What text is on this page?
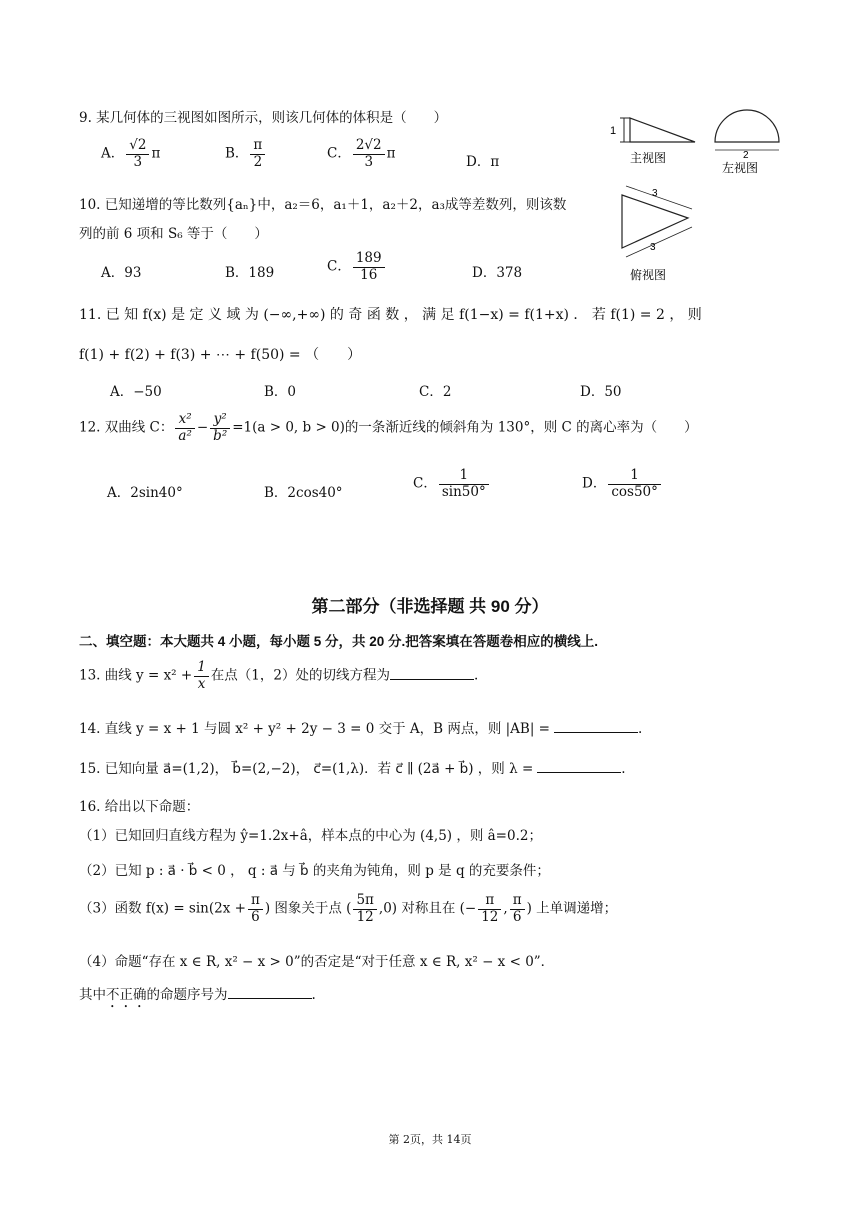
9. 某几何体的三视图如图所示，则该几何体的体积是（　　）
A． $\frac{√2}{3}$ π	B． $\frac{\pi}{2}$	C． $\frac{2√2}{3}$ π
D．π
1
主视图	2
左视图
3
3
俯视图
10. 已知递增的等比数列{aₙ}中，a₂＝6，a₁＋1，a₂＋2，a₃成等差数列，则该数
列的前 6 项和 S₆ 等于（　　）
A．93	B．189	C． $\frac{189}{16}$	D．378
11. 已 知 f(x) 是 定 义 域 为 (−∞,+∞) 的 奇 函 数 ， 满 足 f(1−x) = f(1+x) ． 若 f(1) = 2 ， 则
f(1) + f(2) + f(3) + ⋯ + f(50) = （　　）
A．−50	B．0	C．2	D．50
12. 双曲线 C： $\frac{\text{x²}}{\text{a²}} - \frac{\text{y²}}{\text{b²}} =1(a > 0$, b > 0)的一条渐近线的倾斜角为 130°，则 C 的离心率为（　　）
A．2sin40°	B．2cos40°
C． $\frac{1}{\sin 50^\circ}$	D． $\frac{1}{\cos 50^\circ}$
第二部分（非选择题 共 90 分）
二、填空题：本大题共 4 小题，每小题 5 分，共 20 分.把答案填在答题卷相应的横线上.
13. 曲线 $y = x^2 + \frac{1}{x}$ 在点（1，2）处的切线方程为	.
14. 直线 y = x + 1 与圆 x² + y² + 2y − 3 = 0 交于 A，B 两点，则 |AB| =	.
15. 已知向量 a⃗=(1,2)， b⃗=(2,−2)， c⃗=(1,λ)．若 c⃗ ∥ (2a⃗ + b⃗) ，则 λ =	.
16. 给出以下命题：
（1）已知回归直线方程为 ŷ=1.2x+â，样本点的中心为 (4,5) ，则 â=0.2；
（2）已知 p : a⃗ · b⃗ < 0 ， q : a⃗ 与 b⃗ 的夹角为钝角，则 p 是 q 的充要条件；
（3）函数 $f(x) = \sin(2x + \frac{\pi}{6}$ ) 图象关于点 ( $\frac{5\pi}{12} ,0$) 对称且在 (− $\frac{\pi}{12}$ , $\frac{\pi}{6}$ ) 上单调递增；
（4）命题“存在 x ∈ R, x² − x > 0”的否定是“对于任意 x ∈ R, x² − x < 0”．
其中不正确的命题序号为	.
第 2页，共 14页
